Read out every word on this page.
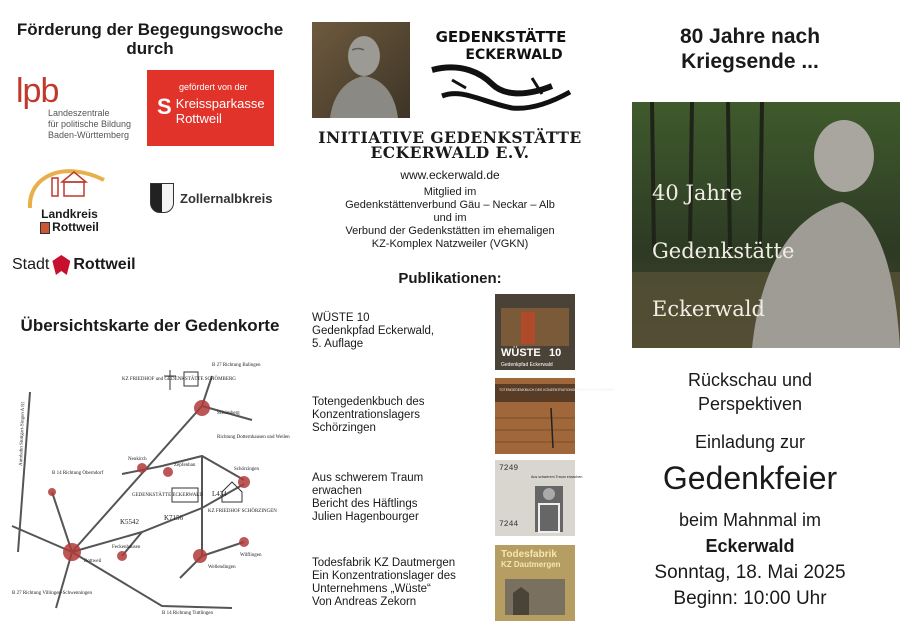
Förderung der Begegungswoche durch
lpb
Landeszentrale
für politische Bildung
Baden-Württemberg
gefördert von der
S Kreissparkasse
Rottweil
Landkreis
Rottweil
Zollernalbkreis
Stadt Rottweil
Übersichtskarte der Gedenkorte
KZ FRIEDHOF und GEDENKSTÄTTE SCHÖMBERG
B 27 Richtung Balingen
Schömberg
Richtung Dotternhausen und Weilen
Neukirch
Zepfenhan
Schörzingen
B 14 Richtung Oberndorf
GEDENKSTÄTTE ECKERWALD
KZ FRIEDHOF SCHÖRZINGEN
L434
K5542	K7156
Feckenhausen
Rottweil
Wellendingen
Wilflingen
Autobahn Stuttgart-Singen A 81
B 27 Richtung Villingen-Schwenningen
B 14 Richtung Tuttlingen
GEDENKSTÄTTE
ECKERWALD
INITIATIVE GEDENKSTÄTTE
ECKERWALD E.V.
www.eckerwald.de
Mitglied im
Gedenkstättenverbund Gäu – Neckar – Alb
und im
Verbund der Gedenkstätten im ehemaligen
KZ-Komplex Natzweiler (VGKN)
Publikationen:
WÜSTE 10
Gedenkpfad Eckerwald,
5. Auflage
WÜSTE 10
Gedenkpfad Eckerwald
Totengedenkbuch des
Konzentrationslagers
Schörzingen
TOTENGEDENKBUCH DES KONZENTRATIONSLAGERS SCHÖRZINGEN
Aus schwerem Traum
erwachen
Bericht des Häftlings
Julien Hagenbourger
7249
7244
Aus schwerem Traum erwachen
Todesfabrik KZ Dautmergen
Ein Konzentrationslager des
Unternehmens „Wüste“
Von Andreas Zekorn
Todesfabrik
KZ Dautmergen
80 Jahre nach
Kriegsende ...
40 Jahre
Gedenkstätte
Eckerwald
Rückschau und
Perspektiven
Einladung zur
Gedenkfeier
beim Mahnmal im
Eckerwald
Sonntag, 18. Mai 2025
Beginn: 10:00 Uhr
